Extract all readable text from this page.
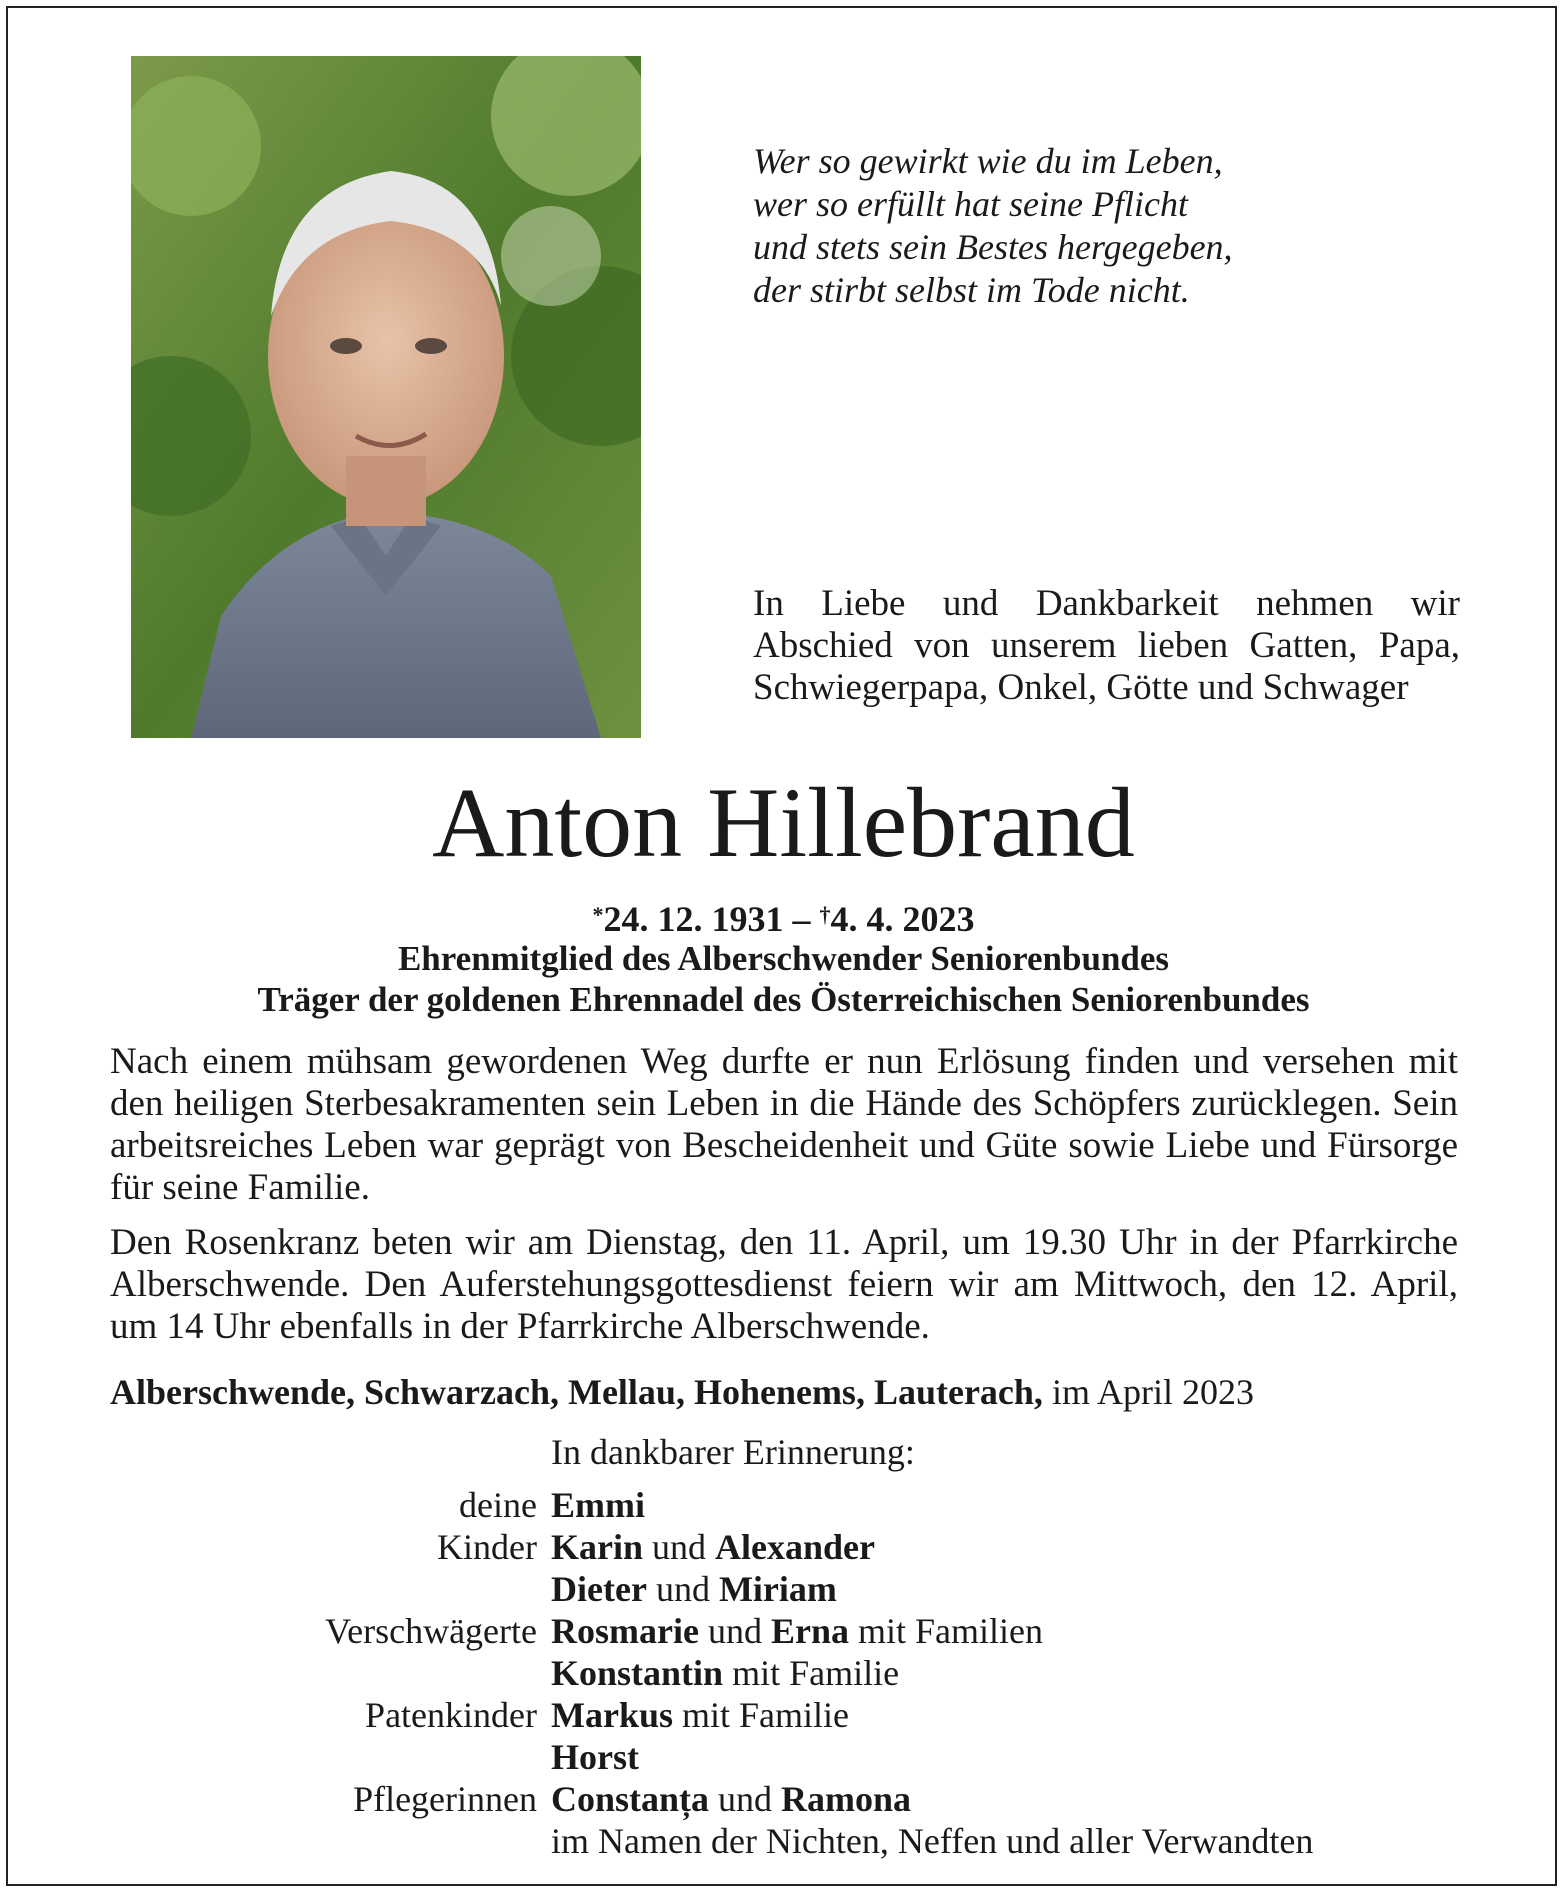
Wer so gewirkt wie du im Leben,
wer so erfüllt hat seine Pflicht
und stets sein Bestes hergegeben,
der stirbt selbst im Tode nicht.
In Liebe und Dankbarkeit nehmen wir Abschied von unserem lieben Gatten, Papa, Schwiegerpapa, Onkel, Götte und Schwager
Anton Hillebrand
*24. 12. 1931 – †4. 4. 2023
Ehrenmitglied des Alberschwender Seniorenbundes
Träger der goldenen Ehrennadel des Österreichischen Seniorenbundes
Nach einem mühsam gewordenen Weg durfte er nun Erlösung finden und versehen mit den heiligen Sterbesakramenten sein Leben in die Hände des Schöpfers zurücklegen. Sein arbeitsreiches Leben war geprägt von Bescheidenheit und Güte sowie Liebe und Fürsorge für seine Familie.
Den Rosenkranz beten wir am Dienstag, den 11. April, um 19.30 Uhr in der Pfarrkirche Alberschwende. Den Auferstehungsgottesdienst feiern wir am Mittwoch, den 12. April, um 14 Uhr ebenfalls in der Pfarrkirche Alberschwende.
Alberschwende, Schwarzach, Mellau, Hohenems, Lauterach, im April 2023
In dankbarer Erinnerung:
deine Emmi
Kinder Karin und Alexander
Dieter und Miriam
Verschwägerte Rosmarie und Erna mit Familien
Konstantin mit Familie
Patenkinder Markus mit Familie
Horst
Pflegerinnen Constanța und Ramona
im Namen der Nichten, Neffen und aller Verwandten
